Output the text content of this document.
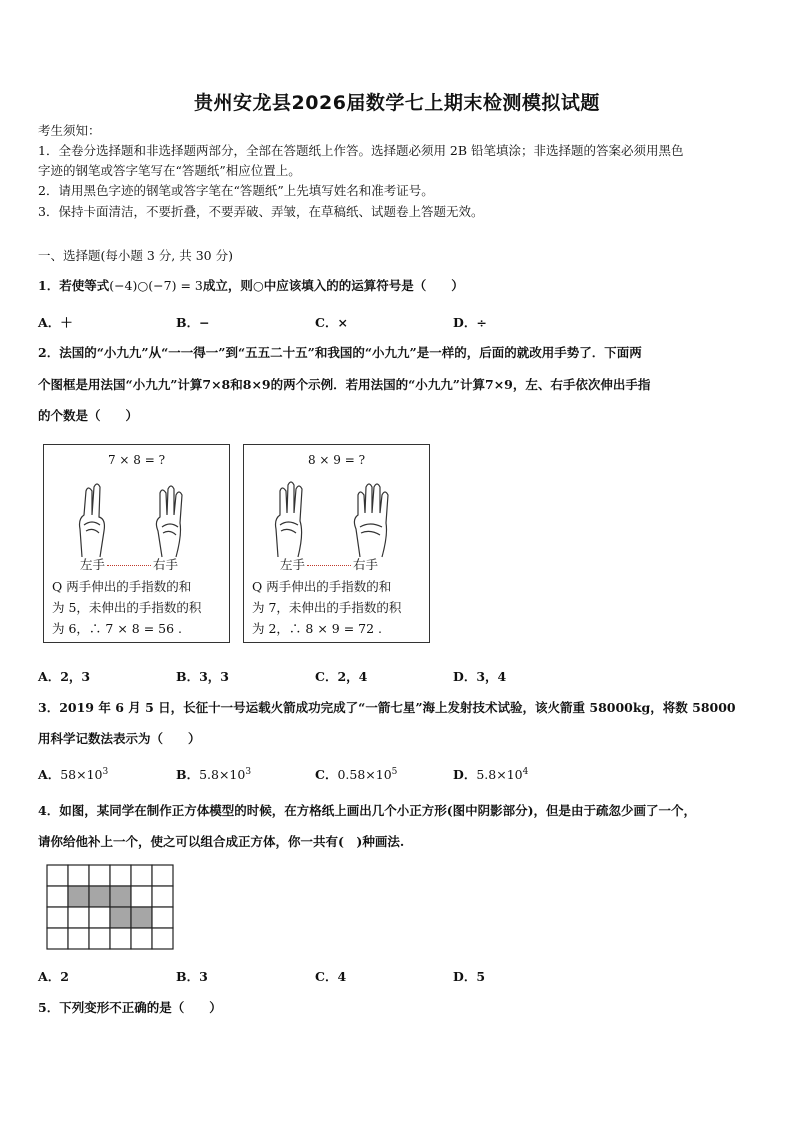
贵州安龙县2026届数学七上期末检测模拟试题
考生须知：
1．全卷分选择题和非选择题两部分，全部在答题纸上作答。选择题必须用 2B 铅笔填涂；非选择题的答案必须用黑色
字迹的钢笔或答字笔写在“答题纸”相应位置上。
2．请用黑色字迹的钢笔或答字笔在“答题纸”上先填写姓名和准考证号。
3．保持卡面清洁，不要折叠，不要弄破、弄皱，在草稿纸、试题卷上答题无效。
一、选择题(每小题 3 分, 共 30 分)
1．若使等式(−4)○(−7) = 3成立，则○中应该填入的的运算符号是（　　）
A．＋	B．−	C．×	D．÷
2．法国的“小九九”从“一一得一”到“五五二十五”和我国的“小九九”是一样的，后面的就改用手势了．下面两
个图框是用法国“小九九”计算7×8和8×9的两个示例．若用法国的“小九九”计算7×9，左、右手依次伸出手指
的个数是（　　）
7 × 8 = ?
左手	右手
Q 两手伸出的手指数的和
为 5，未伸出的手指数的积
为 6，∴ 7 × 8 = 56 .
8 × 9 = ?
左手	右手
Q 两手伸出的手指数的和
为 7，未伸出的手指数的积
为 2，∴ 8 × 9 = 72 .
A．2，3	B．3，3	C．2，4	D．3，4
3．2019 年 6 月 5 日，长征十一号运载火箭成功完成了“一箭七星”海上发射技术试验，该火箭重 58000kg，将数 58000
用科学记数法表示为（　　）
A．$58\times 10^3$	B．$5.8\times 10^3$	C．$0.58\times 10^5$	D．$5.8\times 10^4$
4．如图，某同学在制作正方体模型的时候，在方格纸上画出几个小正方形(图中阴影部分)，但是由于疏忽少画了一个，
请你给他补上一个，使之可以组合成正方体，你一共有(　)种画法.
A．2	B．3	C．4	D．5
5．下列变形不正确的是（　　）
